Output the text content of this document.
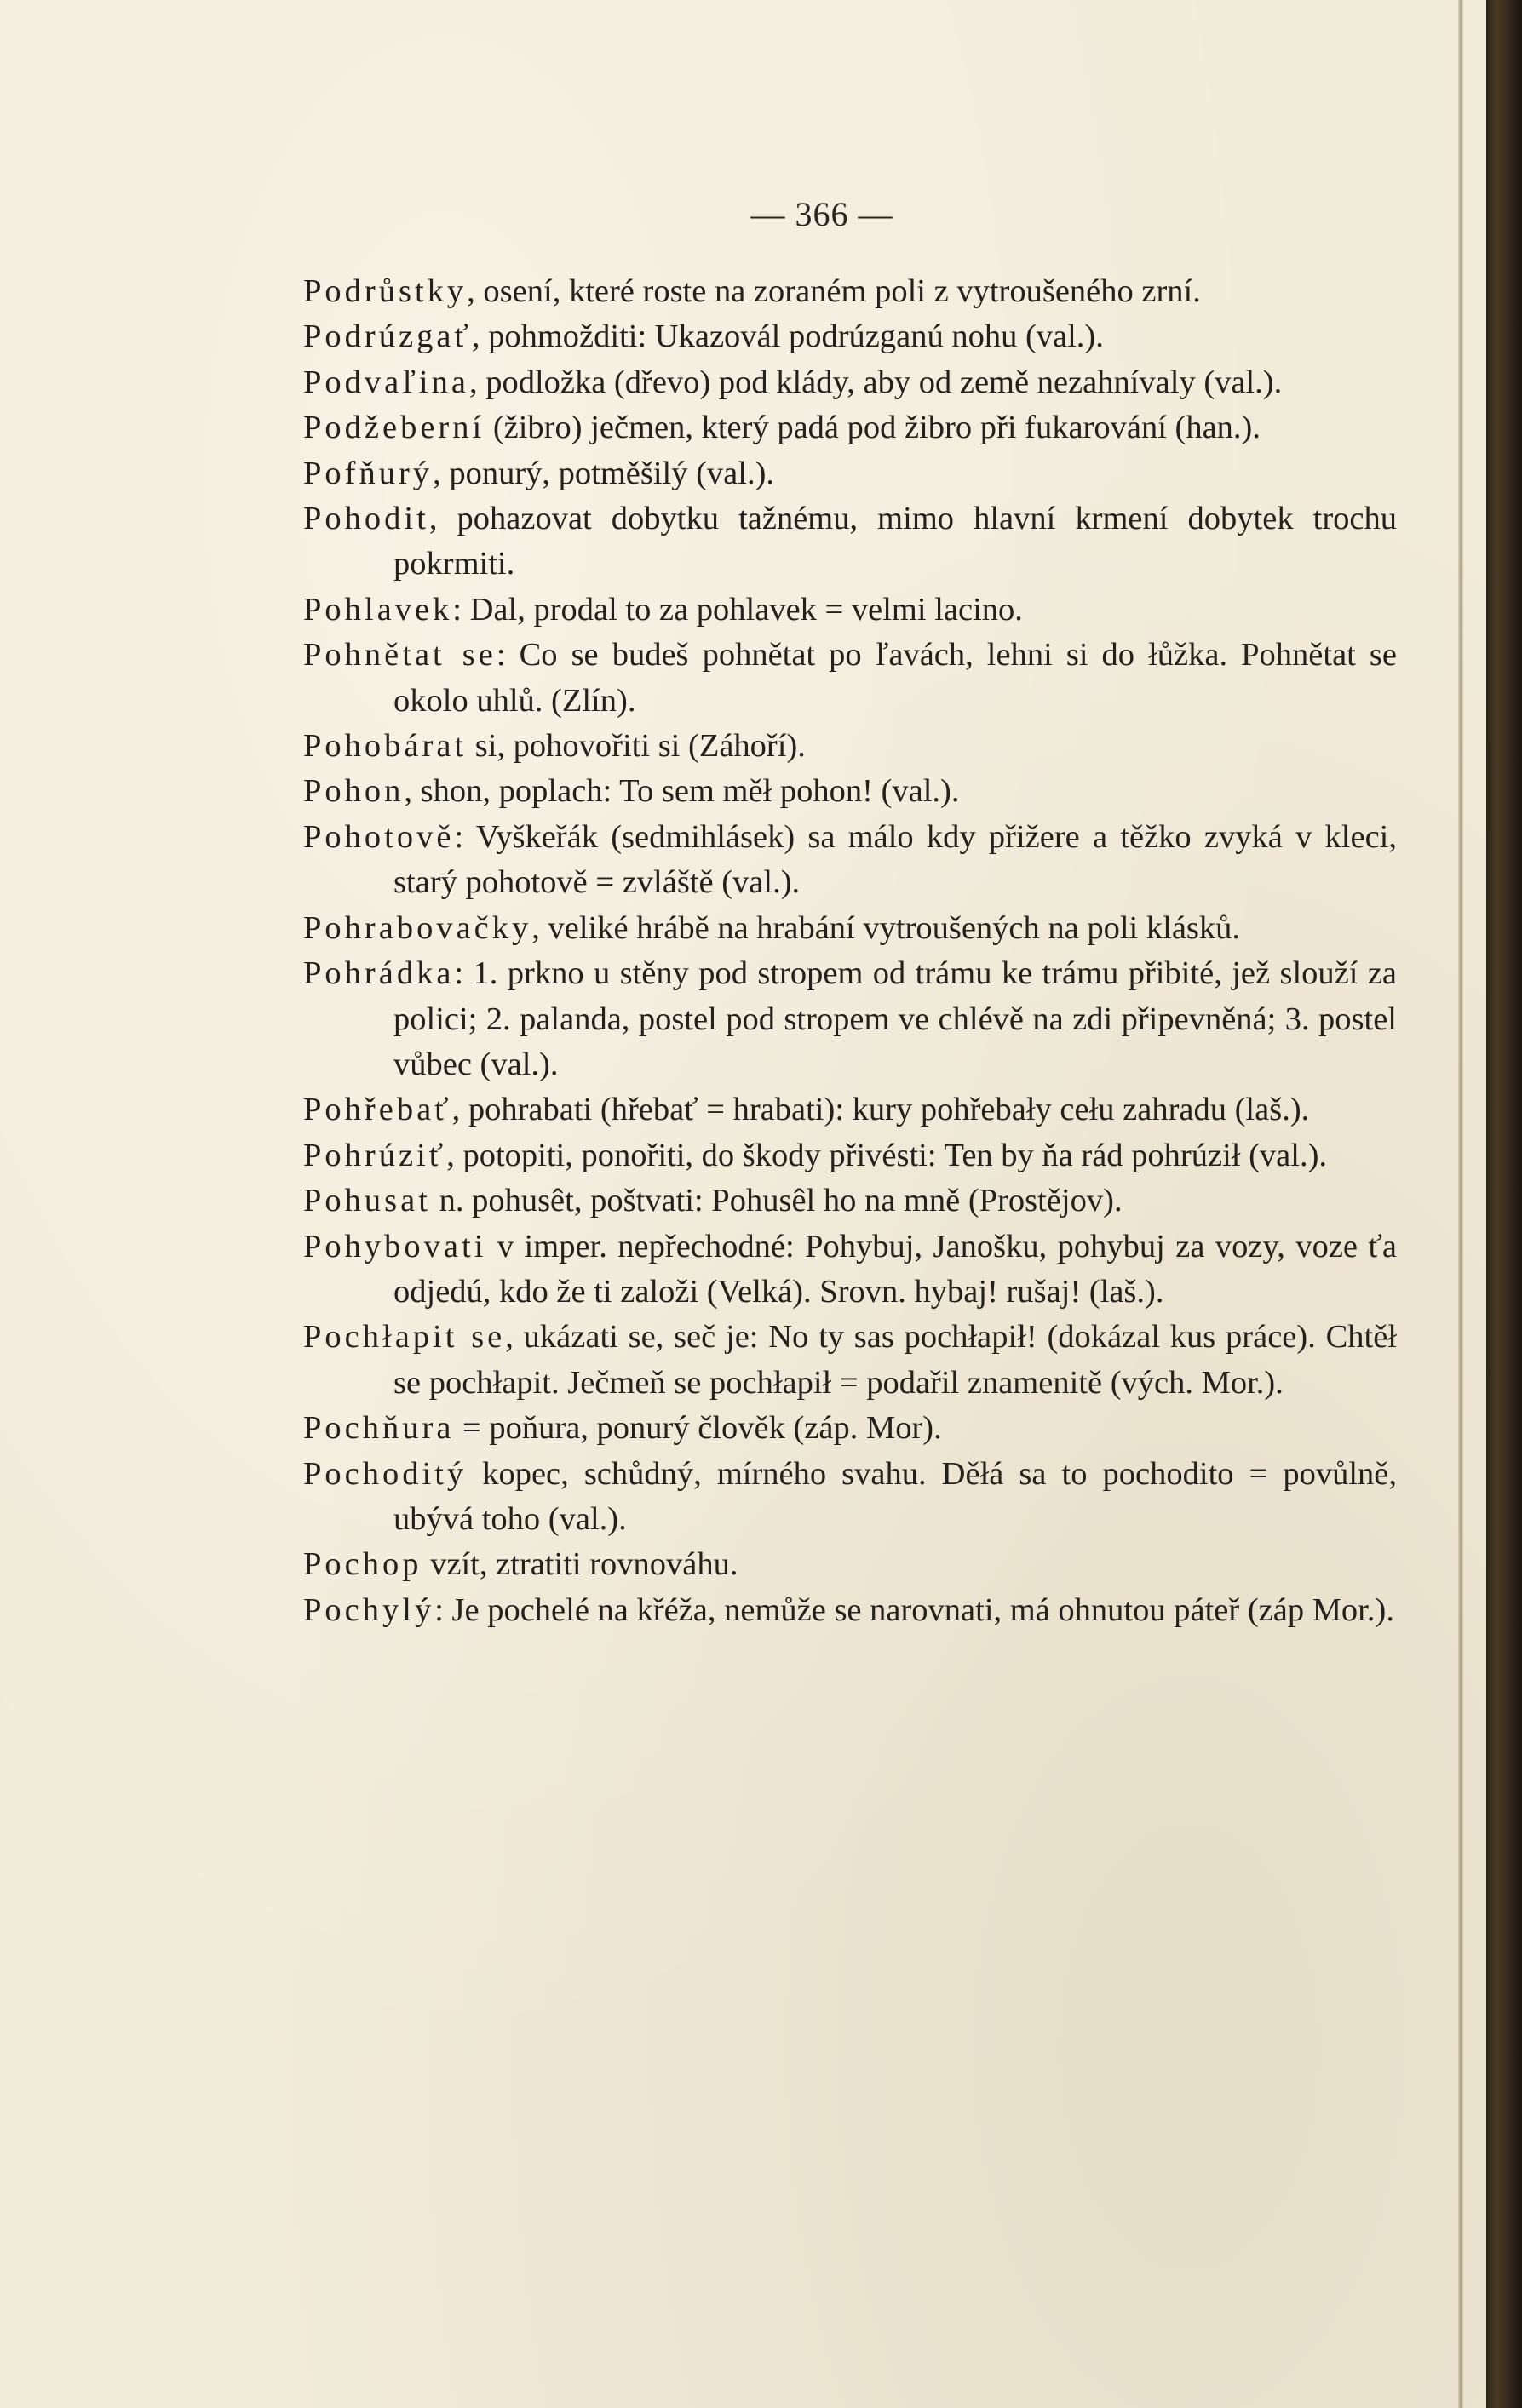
— 366 —

Podrůstky, osení, které roste na zoraném poli z vytroušeného zrní.

Podrúzgať, pohmožditi: Ukazovál podrúzganú nohu (val.).

Podvaľina, podložka (dřevo) pod klády, aby od země nezahnívaly (val.).

Podžeberní (žibro) ječmen, který padá pod žibro při fukarování (han.).

Pofňurý, ponurý, potměšilý (val.).

Pohodit, pohazovat dobytku tažnému, mimo hlavní krmení dobytek trochu pokrmiti.

Pohlavek: Dal, prodal to za pohlavek = velmi lacino.

Pohnětat se: Co se budeš pohnětat po ľavách, lehni si do łůžka. Pohnětat se okolo uhlů. (Zlín).

Pohobárat si, pohovořiti si (Záhoří).

Pohon, shon, poplach: To sem měł pohon! (val.).

Pohotově: Vyškeřák (sedmihlásek) sa málo kdy přižere a těžko zvyká v kleci, starý pohotově = zvláště (val.).

Pohrabovačky, veliké hrábě na hrabání vytroušených na poli klásků.

Pohrádka: 1. prkno u stěny pod stropem od trámu ke trámu přibité, jež slouží za polici; 2. palanda, postel pod stropem ve chlévě na zdi připevněná; 3. postel vůbec (val.).

Pohřebať, pohrabati (hřebať = hrabati): kury pohřebały cełu zahradu (laš.).

Pohrúziť, potopiti, ponořiti, do škody přivésti: Ten by ňa rád pohrúził (val.).

Pohusat n. pohusêt, poštvati: Pohusêl ho na mně (Prostějov).

Pohybovati v imper. nepřechodné: Pohybuj, Janošku, pohybuj za vozy, voze ťa odjedú, kdo že ti založi (Velká). Srovn. hybaj! rušaj! (laš.).

Pochłapit se, ukázati se, seč je: No ty sas pochłapił! (dokázal kus práce). Chtěł se pochłapit. Ječmeň se pochłapił = podařil znamenitě (vých. Mor.).

Pochňura = poňura, ponurý člověk (záp. Mor).

Pochoditý kopec, schůdný, mírného svahu. Děłá sa to pochodito = povůlně, ubývá toho (val.).

Pochop vzít, ztratiti rovnováhu.

Pochylý: Je pochelé na křéža, nemůže se narovnati, má ohnutou páteř (záp Mor.).
